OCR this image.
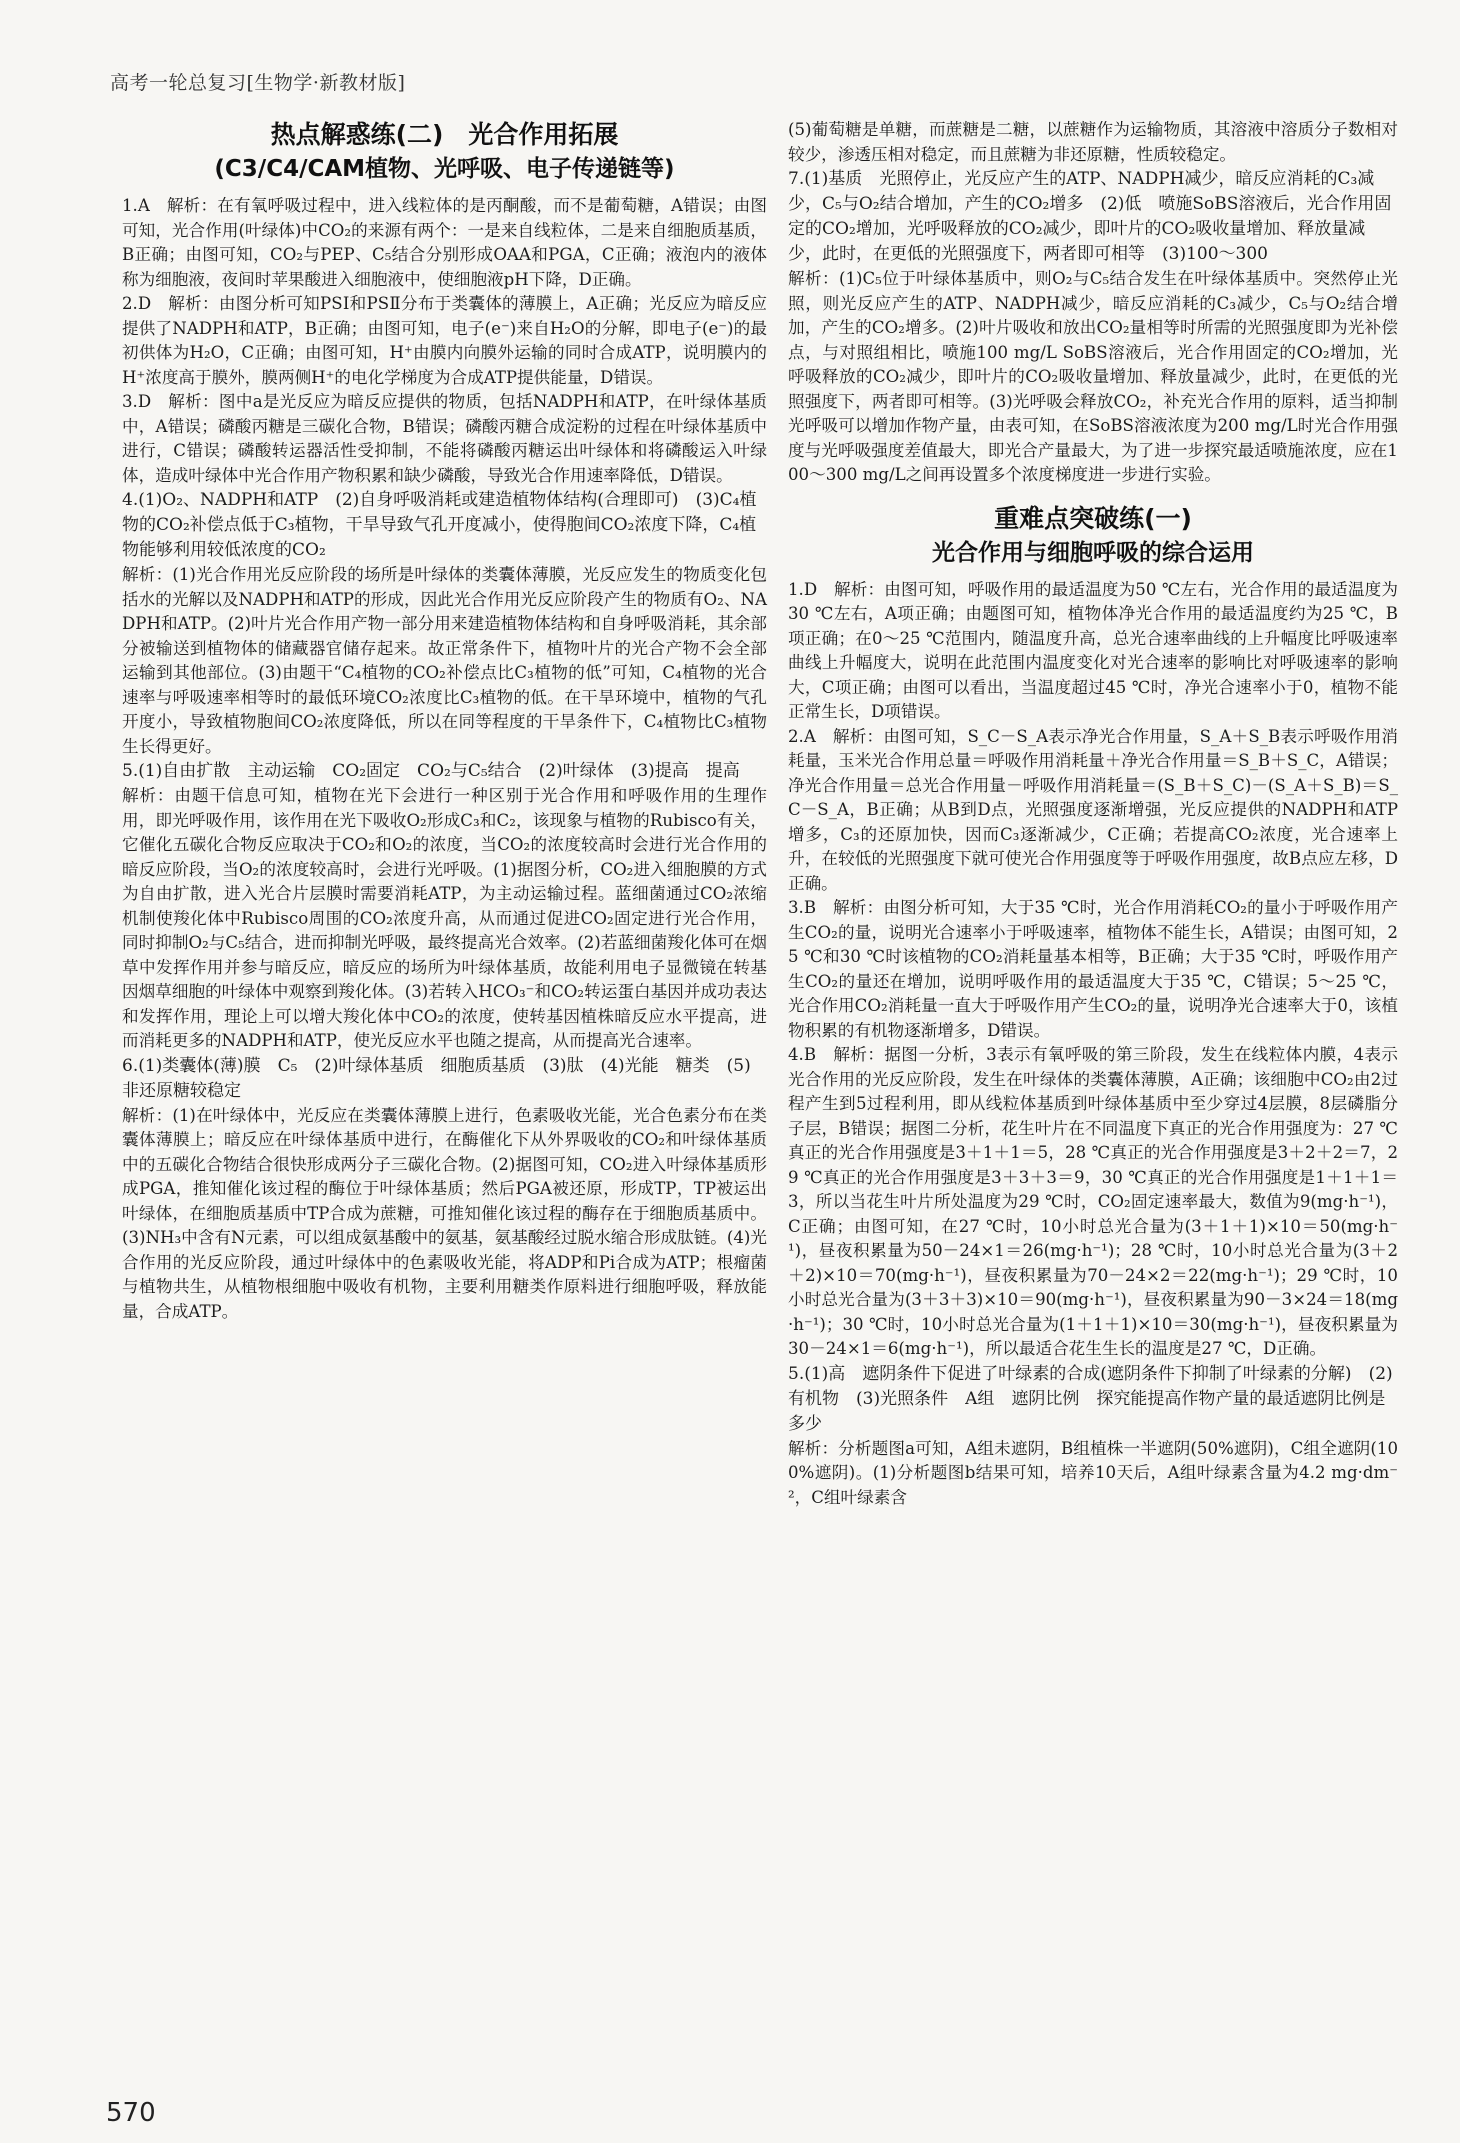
高考一轮总复习[生物学·新教材版]
热点解惑练(二)　光合作用拓展
(C3/C4/CAM植物、光呼吸、电子传递链等)

1.A　解析：在有氧呼吸过程中，进入线粒体的是丙酮酸，而不是葡萄糖，A错误；由图可知，光合作用(叶绿体)中CO₂的来源有两个：一是来自线粒体，二是来自细胞质基质，B正确；由图可知，CO₂与PEP、C₅结合分别形成OAA和PGA，C正确；液泡内的液体称为细胞液，夜间时苹果酸进入细胞液中，使细胞液pH下降，D正确。

2.D　解析：由图分析可知PSⅠ和PSⅡ分布于类囊体的薄膜上，A正确；光反应为暗反应提供了NADPH和ATP，B正确；由图可知，电子(e⁻)来自H₂O的分解，即电子(e⁻)的最初供体为H₂O，C正确；由图可知，H⁺由膜内向膜外运输的同时合成ATP，说明膜内的H⁺浓度高于膜外，膜两侧H⁺的电化学梯度为合成ATP提供能量，D错误。

3.D　解析：图中a是光反应为暗反应提供的物质，包括NADPH和ATP，在叶绿体基质中，A错误；磷酸丙糖是三碳化合物，B错误；磷酸丙糖合成淀粉的过程在叶绿体基质中进行，C错误；磷酸转运器活性受抑制，不能将磷酸丙糖运出叶绿体和将磷酸运入叶绿体，造成叶绿体中光合作用产物积累和缺少磷酸，导致光合作用速率降低，D错误。

4.(1)O₂、NADPH和ATP　(2)自身呼吸消耗或建造植物体结构(合理即可)　(3)C₄植物的CO₂补偿点低于C₃植物，干旱导致气孔开度减小，使得胞间CO₂浓度下降，C₄植物能够利用较低浓度的CO₂

解析：(1)光合作用光反应阶段的场所是叶绿体的类囊体薄膜，光反应发生的物质变化包括水的光解以及NADPH和ATP的形成，因此光合作用光反应阶段产生的物质有O₂、NADPH和ATP。(2)叶片光合作用产物一部分用来建造植物体结构和自身呼吸消耗，其余部分被输送到植物体的储藏器官储存起来。故正常条件下，植物叶片的光合产物不会全部运输到其他部位。(3)由题干“C₄植物的CO₂补偿点比C₃植物的低”可知，C₄植物的光合速率与呼吸速率相等时的最低环境CO₂浓度比C₃植物的低。在干旱环境中，植物的气孔开度小，导致植物胞间CO₂浓度降低，所以在同等程度的干旱条件下，C₄植物比C₃植物生长得更好。

5.(1)自由扩散　主动运输　CO₂固定　CO₂与C₅结合　(2)叶绿体　(3)提高　提高

解析：由题干信息可知，植物在光下会进行一种区别于光合作用和呼吸作用的生理作用，即光呼吸作用，该作用在光下吸收O₂形成C₃和C₂，该现象与植物的Rubisco有关，它催化五碳化合物反应取决于CO₂和O₂的浓度，当CO₂的浓度较高时会进行光合作用的暗反应阶段，当O₂的浓度较高时，会进行光呼吸。(1)据图分析，CO₂进入细胞膜的方式为自由扩散，进入光合片层膜时需要消耗ATP，为主动运输过程。蓝细菌通过CO₂浓缩机制使羧化体中Rubisco周围的CO₂浓度升高，从而通过促进CO₂固定进行光合作用，同时抑制O₂与C₅结合，进而抑制光呼吸，最终提高光合效率。(2)若蓝细菌羧化体可在烟草中发挥作用并参与暗反应，暗反应的场所为叶绿体基质，故能利用电子显微镜在转基因烟草细胞的叶绿体中观察到羧化体。(3)若转入HCO₃⁻和CO₂转运蛋白基因并成功表达和发挥作用，理论上可以增大羧化体中CO₂的浓度，使转基因植株暗反应水平提高，进而消耗更多的NADPH和ATP，使光反应水平也随之提高，从而提高光合速率。

6.(1)类囊体(薄)膜　C₅　(2)叶绿体基质　细胞质基质　(3)肽　(4)光能　糖类　(5)非还原糖较稳定

解析：(1)在叶绿体中，光反应在类囊体薄膜上进行，色素吸收光能，光合色素分布在类囊体薄膜上；暗反应在叶绿体基质中进行，在酶催化下从外界吸收的CO₂和叶绿体基质中的五碳化合物结合很快形成两分子三碳化合物。(2)据图可知，CO₂进入叶绿体基质形成PGA，推知催化该过程的酶位于叶绿体基质；然后PGA被还原，形成TP，TP被运出叶绿体，在细胞质基质中TP合成为蔗糖，可推知催化该过程的酶存在于细胞质基质中。(3)NH₃中含有N元素，可以组成氨基酸中的氨基，氨基酸经过脱水缩合形成肽链。(4)光合作用的光反应阶段，通过叶绿体中的色素吸收光能，将ADP和Pi合成为ATP；根瘤菌与植物共生，从植物根细胞中吸收有机物，主要利用糖类作原料进行细胞呼吸，释放能量，合成ATP。

(5)葡萄糖是单糖，而蔗糖是二糖，以蔗糖作为运输物质，其溶液中溶质分子数相对较少，渗透压相对稳定，而且蔗糖为非还原糖，性质较稳定。

7.(1)基质　光照停止，光反应产生的ATP、NADPH减少，暗反应消耗的C₃减少，C₅与O₂结合增加，产生的CO₂增多　(2)低　喷施SoBS溶液后，光合作用固定的CO₂增加，光呼吸释放的CO₂减少，即叶片的CO₂吸收量增加、释放量减少，此时，在更低的光照强度下，两者即可相等　(3)100～300

解析：(1)C₅位于叶绿体基质中，则O₂与C₅结合发生在叶绿体基质中。突然停止光照，则光反应产生的ATP、NADPH减少，暗反应消耗的C₃减少，C₅与O₂结合增加，产生的CO₂增多。(2)叶片吸收和放出CO₂量相等时所需的光照强度即为光补偿点，与对照组相比，喷施100 mg/L SoBS溶液后，光合作用固定的CO₂增加，光呼吸释放的CO₂减少，即叶片的CO₂吸收量增加、释放量减少，此时，在更低的光照强度下，两者即可相等。(3)光呼吸会释放CO₂，补充光合作用的原料，适当抑制光呼吸可以增加作物产量，由表可知，在SoBS溶液浓度为200 mg/L时光合作用强度与光呼吸强度差值最大，即光合产量最大，为了进一步探究最适喷施浓度，应在100～300 mg/L之间再设置多个浓度梯度进一步进行实验。

重难点突破练(一)
光合作用与细胞呼吸的综合运用

1.D　解析：由图可知，呼吸作用的最适温度为50 ℃左右，光合作用的最适温度为30 ℃左右，A项正确；由题图可知，植物体净光合作用的最适温度约为25 ℃，B项正确；在0～25 ℃范围内，随温度升高，总光合速率曲线的上升幅度比呼吸速率曲线上升幅度大，说明在此范围内温度变化对光合速率的影响比对呼吸速率的影响大，C项正确；由图可以看出，当温度超过45 ℃时，净光合速率小于0，植物不能正常生长，D项错误。

2.A　解析：由图可知，S_C－S_A表示净光合作用量，S_A＋S_B表示呼吸作用消耗量，玉米光合作用总量＝呼吸作用消耗量＋净光合作用量＝S_B＋S_C，A错误；净光合作用量＝总光合作用量－呼吸作用消耗量＝(S_B＋S_C)－(S_A＋S_B)＝S_C－S_A，B正确；从B到D点，光照强度逐渐增强，光反应提供的NADPH和ATP增多，C₃的还原加快，因而C₃逐渐减少，C正确；若提高CO₂浓度，光合速率上升，在较低的光照强度下就可使光合作用强度等于呼吸作用强度，故B点应左移，D正确。

3.B　解析：由图分析可知，大于35 ℃时，光合作用消耗CO₂的量小于呼吸作用产生CO₂的量，说明光合速率小于呼吸速率，植物体不能生长，A错误；由图可知，25 ℃和30 ℃时该植物的CO₂消耗量基本相等，B正确；大于35 ℃时，呼吸作用产生CO₂的量还在增加，说明呼吸作用的最适温度大于35 ℃，C错误；5～25 ℃，光合作用CO₂消耗量一直大于呼吸作用产生CO₂的量，说明净光合速率大于0，该植物积累的有机物逐渐增多，D错误。

4.B　解析：据图一分析，3表示有氧呼吸的第三阶段，发生在线粒体内膜，4表示光合作用的光反应阶段，发生在叶绿体的类囊体薄膜，A正确；该细胞中CO₂由2过程产生到5过程利用，即从线粒体基质到叶绿体基质中至少穿过4层膜，8层磷脂分子层，B错误；据图二分析，花生叶片在不同温度下真正的光合作用强度为：27 ℃真正的光合作用强度是3＋1＋1＝5，28 ℃真正的光合作用强度是3＋2＋2＝7，29 ℃真正的光合作用强度是3＋3＋3＝9，30 ℃真正的光合作用强度是1＋1＋1＝3，所以当花生叶片所处温度为29 ℃时，CO₂固定速率最大，数值为9(mg·h⁻¹)，C正确；由图可知，在27 ℃时，10小时总光合量为(3＋1＋1)×10＝50(mg·h⁻¹)，昼夜积累量为50－24×1＝26(mg·h⁻¹)；28 ℃时，10小时总光合量为(3＋2＋2)×10＝70(mg·h⁻¹)，昼夜积累量为70－24×2＝22(mg·h⁻¹)；29 ℃时，10小时总光合量为(3＋3＋3)×10＝90(mg·h⁻¹)，昼夜积累量为90－3×24＝18(mg·h⁻¹)；30 ℃时，10小时总光合量为(1＋1＋1)×10＝30(mg·h⁻¹)，昼夜积累量为30－24×1＝6(mg·h⁻¹)，所以最适合花生生长的温度是27 ℃，D正确。

5.(1)高　遮阴条件下促进了叶绿素的合成(遮阴条件下抑制了叶绿素的分解)　(2)有机物　(3)光照条件　A组　遮阴比例　探究能提高作物产量的最适遮阴比例是多少

解析：分析题图a可知，A组未遮阴，B组植株一半遮阴(50%遮阴)，C组全遮阴(100%遮阴)。(1)分析题图b结果可知，培养10天后，A组叶绿素含量为4.2 mg·dm⁻²，C组叶绿素含

570
